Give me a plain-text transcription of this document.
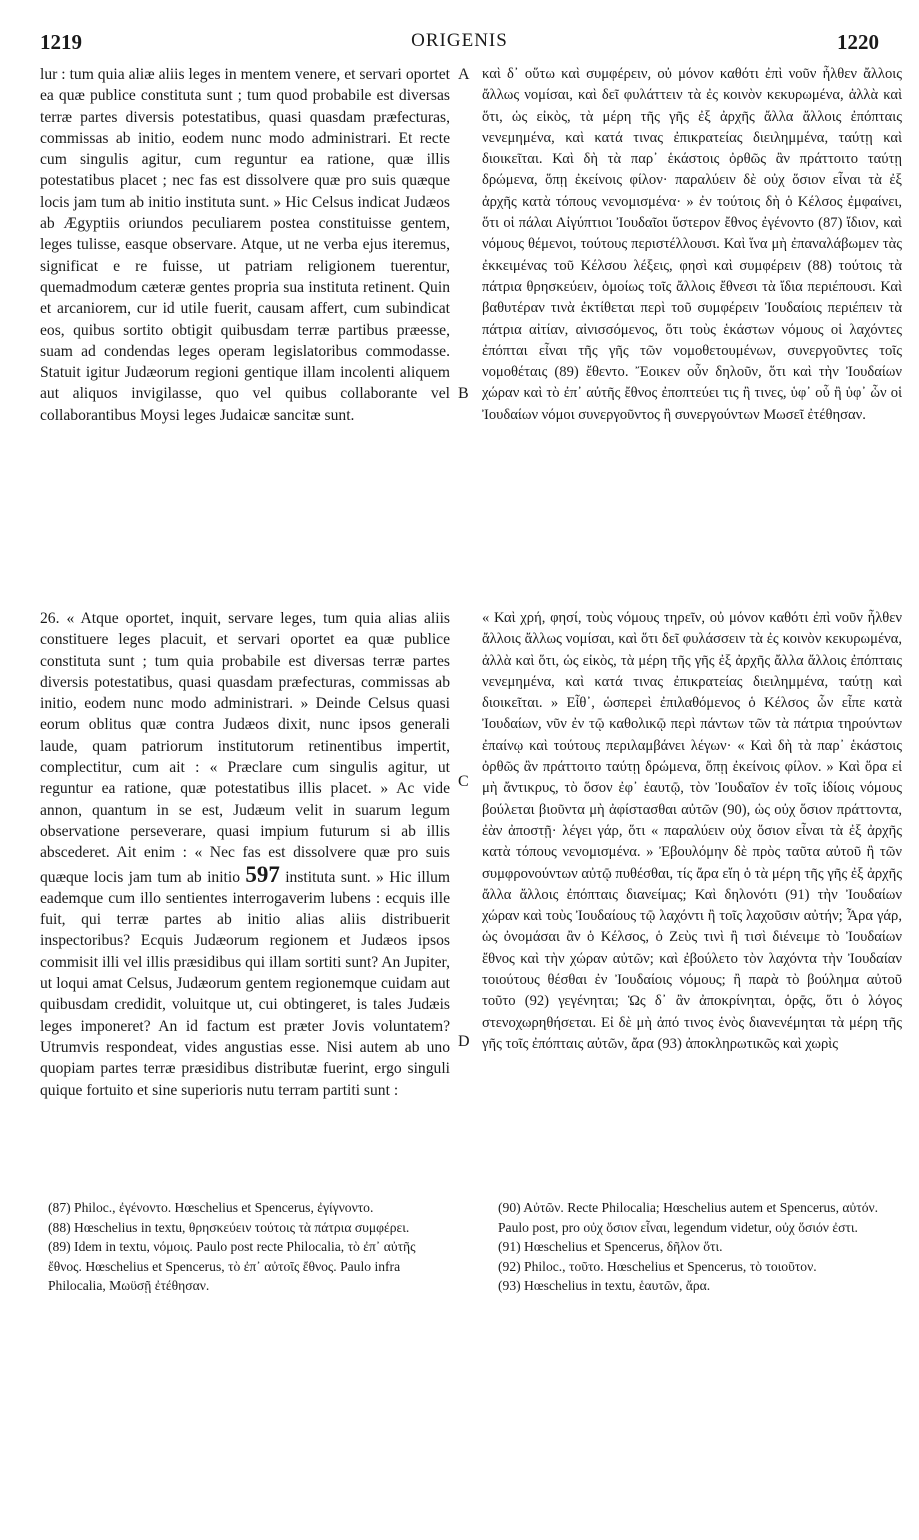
1219	ORIGENIS	1220

lur : tum quia aliæ aliis leges in mentem venere, et servari oportet ea quæ publice constituta sunt ; tum quod probabile est diversas terræ partes diversis potestatibus, quasi quasdam præfecturas, commissas ab initio, eodem nunc modo administrari. Et recte cum singulis agitur, cum reguntur ea ratione, quæ illis potestatibus placet ; nec fas est dissolvere quæ pro suis quæque locis jam tum ab initio instituta sunt. » Hic Celsus indicat Judæos ab Ægyptiis oriundos peculiarem postea constituisse gentem, leges tulisse, easque observare. Atque, ut ne verba ejus iteremus, significat e re fuisse, ut patriam religionem tuerentur, quemadmodum cæteræ gentes propria sua instituta retinent. Quin et arcaniorem, cur id utile fuerit, causam affert, cum subindicat eos, quibus sortito obtigit quibusdam terræ partibus præesse, suam ad condendas leges operam legislatoribus commodasse. Statuit igitur Judæorum regioni gentique illam incolenti aliquem aut aliquos invigilasse, quo vel quibus collaborante vel collaborantibus Moysi leges Judaicæ sancitæ sunt.

26. « Atque oportet, inquit, servare leges, tum quia alias aliis constituere leges placuit, et servari oportet ea quæ publice constituta sunt ; tum quia probabile est diversas terræ partes diversis potestatibus, quasi quasdam præfecturas, commissas ab initio, eodem nunc modo administrari. » Deinde Celsus quasi eorum oblitus quæ contra Judæos dixit, nunc ipsos generali laude, quam patriorum institutorum retinentibus impertit, complectitur, cum ait : « Præclare cum singulis agitur, ut reguntur ea ratione, quæ potestatibus illis placet. » Ac vide annon, quantum in se est, Judæum velit in suarum legum observatione perseverare, quasi impium futurum si ab illis abscederet. Ait enim : « Nec fas est dissolvere quæ pro suis quæque locis jam tum ab initio 597 instituta sunt. » Hic illum eademque cum illo sentientes interrogaverim lubens : ecquis ille fuit, qui terræ partes ab initio alias aliis distribuerit inspectoribus? Ecquis Judæorum regionem et Judæos ipsos commisit illi vel illis præsidibus qui illam sortiti sunt? An Jupiter, ut loqui amat Celsus, Judæorum gentem regionemque cuidam aut quibusdam credidit, voluitque ut, cui obtingeret, is tales Judæis leges imponeret? An id factum est præter Jovis voluntatem? Utrumvis respondeat, vides angustias esse. Nisi autem ab uno quopiam partes terræ præsidibus distributæ fuerint, ergo singuli quique fortuito et sine superioris nutu terram partiti sunt :

καὶ δ᾽ οὕτω καὶ συμφέρειν, οὐ μόνον καθότι ἐπὶ νοῦν ἦλθεν ἄλλοις ἄλλως νομίσαι, καὶ δεῖ φυλάττειν τὰ ἐς κοινὸν κεκυρωμένα, ἀλλὰ καὶ ὅτι, ὡς εἰκὸς, τὰ μέρη τῆς γῆς ἐξ ἀρχῆς ἄλλα ἄλλοις ἐπόπταις νενεμημένα, καὶ κατά τινας ἐπικρατείας διειλημμένα, ταύτῃ καὶ διοικεῖται. Καὶ δὴ τὰ παρ᾽ ἑκάστοις ὀρθῶς ἂν πράττοιτο ταύτῃ δρώμενα, ὅπῃ ἐκείνοις φίλον· παραλύειν δὲ οὐχ ὅσιον εἶναι τὰ ἐξ ἀρχῆς κατὰ τόπους νενομισμένα· » ἐν τούτοις δὴ ὁ Κέλσος ἐμφαίνει, ὅτι οἱ πάλαι Αἰγύπτιοι Ἰουδαῖοι ὕστερον ἔθνος ἐγένοντο (87) ἴδιον, καὶ νόμους θέμενοι, τούτους περιστέλλουσι. Καὶ ἵνα μὴ ἐπαναλάβωμεν τὰς ἐκκειμένας τοῦ Κέλσου λέξεις, φησὶ καὶ συμφέρειν (88) τούτοις τὰ πάτρια θρησκεύειν, ὁμοίως τοῖς ἄλλοις ἔθνεσι τὰ ἴδια περιέπουσι. Καὶ βαθυτέραν τινὰ ἐκτίθεται περὶ τοῦ συμφέρειν Ἰουδαίοις περιέπειν τὰ πάτρια αἰτίαν, αἰνισσόμενος, ὅτι τοὺς ἑκάστων νόμους οἱ λαχόντες ἐπόπται εἶναι τῆς γῆς τῶν νομοθετουμένων, συνεργοῦντες τοῖς νομοθέταις (89) ἔθεντο. Ἔοικεν οὖν δηλοῦν, ὅτι καὶ τὴν Ἰουδαίων χώραν καὶ τὸ ἐπ᾽ αὐτῆς ἔθνος ἐποπτεύει τις ἢ τινες, ὑφ᾽ οὗ ἢ ὑφ᾽ ὧν οἱ Ἰουδαίων νόμοι συνεργοῦντος ἢ συνεργούντων Μωσεῖ ἐτέθησαν.

« Καὶ χρή, φησί, τοὺς νόμους τηρεῖν, οὐ μόνον καθότι ἐπὶ νοῦν ἦλθεν ἄλλοις ἄλλως νομίσαι, καὶ ὅτι δεῖ φυλάσσειν τὰ ἐς κοινὸν κεκυρωμένα, ἀλλὰ καὶ ὅτι, ὡς εἰκὸς, τὰ μέρη τῆς γῆς ἐξ ἀρχῆς ἄλλα ἄλλοις ἐπόπταις νενεμημένα, καὶ κατά τινας ἐπικρατείας διειλημμένα, ταύτῃ καὶ διοικεῖται. » Εἶθ᾽, ὡσπερεὶ ἐπιλαθόμενος ὁ Κέλσος ὧν εἶπε κατὰ Ἰουδαίων, νῦν ἐν τῷ καθολικῷ περὶ πάντων τῶν τὰ πάτρια τηρούντων ἐπαίνῳ καὶ τούτους περιλαμβάνει λέγων· « Καὶ δὴ τὰ παρ᾽ ἑκάστοις ὀρθῶς ἂν πράττοιτο ταύτῃ δρώμενα, ὅπῃ ἐκείνοις φίλον. » Καὶ ὅρα εἰ μὴ ἄντικρυς, τὸ ὅσον ἐφ᾽ ἑαυτῷ, τὸν Ἰουδαῖον ἐν τοῖς ἰδίοις νόμους βούλεται βιοῦντα μὴ ἀφίστασθαι αὐτῶν (90), ὡς οὐχ ὅσιον πράττοντα, ἐὰν ἀποστῇ· λέγει γάρ, ὅτι « παραλύειν οὐχ ὅσιον εἶναι τὰ ἐξ ἀρχῆς κατὰ τόπους νενομισμένα. » Ἐβουλόμην δὲ πρὸς ταῦτα αὐτοῦ ἢ τῶν συμφρονούντων αὐτῷ πυθέσθαι, τίς ἄρα εἴη ὁ τὰ μέρη τῆς γῆς ἐξ ἀρχῆς ἄλλα ἄλλοις ἐπόπταις διανείμας; Καὶ δηλονότι (91) τὴν Ἰουδαίων χώραν καὶ τοὺς Ἰουδαίους τῷ λαχόντι ἢ τοῖς λαχοῦσιν αὐτήν; Ἆρα γάρ, ὡς ὀνομάσαι ἂν ὁ Κέλσος, ὁ Ζεὺς τινὶ ἢ τισὶ διένειμε τὸ Ἰουδαίων ἔθνος καὶ τὴν χώραν αὐτῶν; καὶ ἐβούλετο τὸν λαχόντα τὴν Ἰουδαίαν τοιούτους θέσθαι ἐν Ἰουδαίοις νόμους; ἢ παρὰ τὸ βούλημα αὐτοῦ τοῦτο (92) γεγένηται; Ὡς δ᾽ ἂν ἀποκρίνηται, ὁρᾷς, ὅτι ὁ λόγος στενοχωρηθήσεται. Εἰ δὲ μὴ ἀπό τινος ἑνὸς διανενέμηται τὰ μέρη τῆς γῆς τοῖς ἐπόπταις αὐτῶν, ἄρα (93) ἀποκληρωτικῶς καὶ χωρὶς

A
B
C
D

(87) Philoc., ἐγένοντο. Hœschelius et Spencerus, ἐγίγνοντο.

(88) Hœschelius in textu, θρησκεύειν τούτοις τὰ πάτρια συμφέρει.

(89) Idem in textu, νόμοις. Paulo post recte Philocalia, τὸ ἐπ᾽ αὐτῆς ἔθνος. Hœschelius et Spencerus, τὸ ἐπ᾽ αὐτοῖς ἔθνος. Paulo infra Philocalia, Μωϋσῇ ἐτέθησαν.

(90) Αὐτῶν. Recte Philocalia; Hœschelius autem et Spencerus, αὐτόν. Paulo post, pro οὐχ ὅσιον εἶναι, legendum videtur, οὐχ ὅσιόν ἐστι.

(91) Hœschelius et Spencerus, δῆλον ὅτι.

(92) Philoc., τοῦτο. Hœschelius et Spencerus, τὸ τοιοῦτον.

(93) Hœschelius in textu, ἑαυτῶν, ἄρα.
